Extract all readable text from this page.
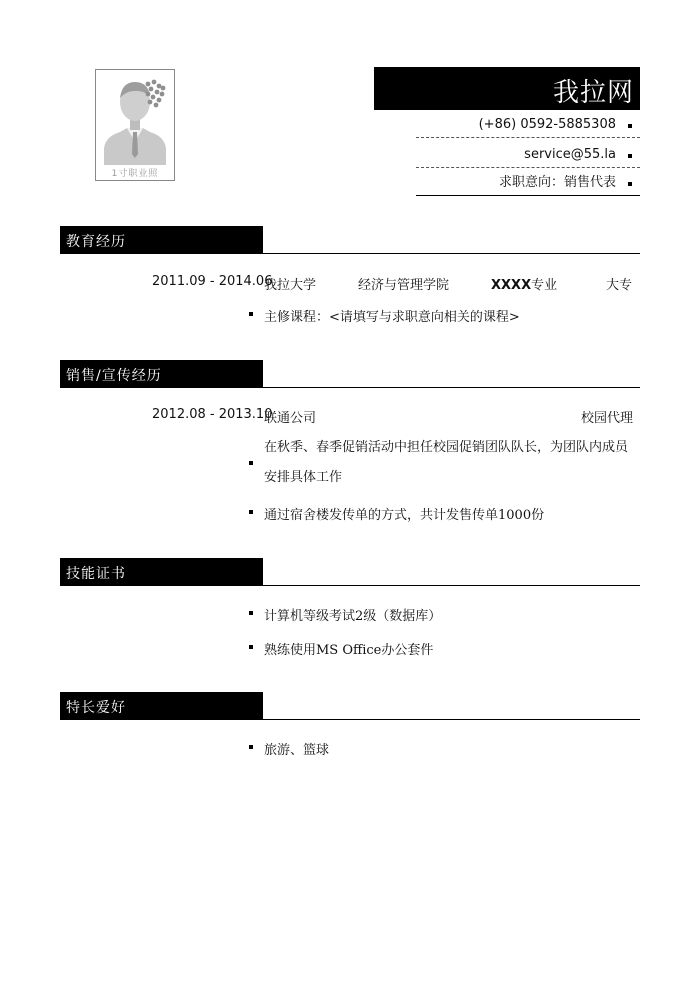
1寸职业照
我拉网
(+86) 0592-5885308
service@55.la
求职意向：销售代表
教育经历
2011.09 - 2014.06
我拉大学	经济与管理学院	XXXX专业	大专
主修课程：<请填写与求职意向相关的课程>
销售/宣传经历
2012.08 - 2013.10
联通公司	校园代理
在秋季、春季促销活动中担任校园促销团队队长，为团队内成员安排具体工作
通过宿舍楼发传单的方式，共计发售传单1000份
技能证书
计算机等级考试2级（数据库）
熟练使用MS Office办公套件
特长爱好
旅游、篮球
